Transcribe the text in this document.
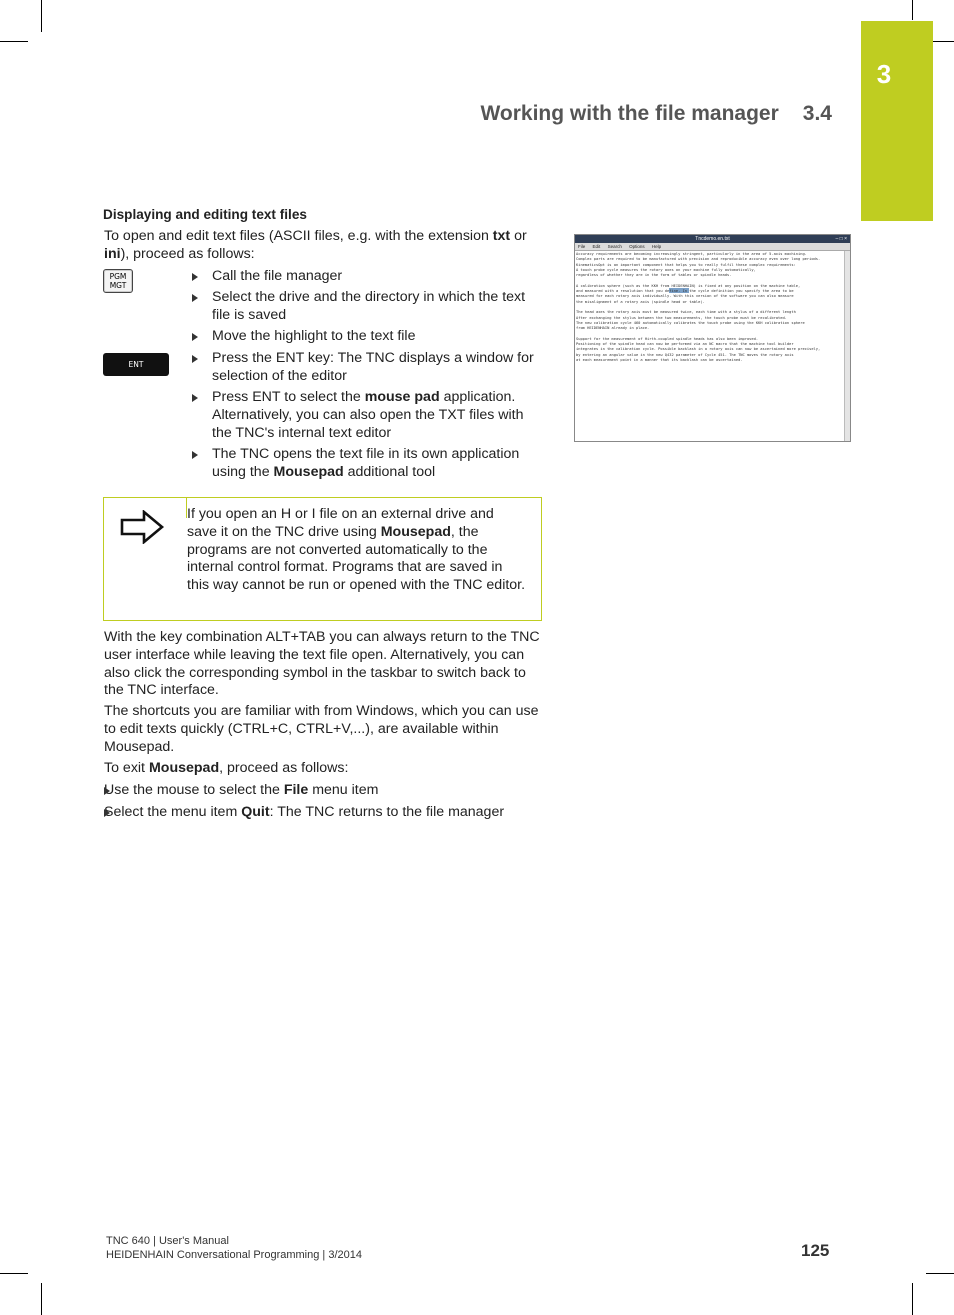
3
Working with the file manager 3.4
Displaying and editing text files
To open and edit text files (ASCII files, e.g. with the extension txt or ini), proceed as follows:
PGM
MGT
ENT
Call the file manager
Select the drive and the directory in which the text file is saved
Move the highlight to the text file
Press the ENT key: The TNC displays a window for selection of the editor
Press ENT to select the mouse pad application. Alternatively, you can also open the TXT files with the TNC's internal text editor
The TNC opens the text file in its own application using the Mousepad additional tool
If you open an H or I file on an external drive and save it on the TNC drive using Mousepad, the programs are not converted automatically to the internal control format. Programs that are saved in this way cannot be run or opened with the TNC editor.
With the key combination ALT+TAB you can always return to the TNC user interface while leaving the text file open. Alternatively, you can also click the corresponding symbol in the taskbar to switch back to the TNC interface.
The shortcuts you are familiar with from Windows, which you can use to edit texts quickly (CTRL+C, CTRL+V,...), are available within Mousepad.
To exit Mousepad, proceed as follows:
Use the mouse to select the File menu item
Select the menu item Quit: The TNC returns to the file manager
Tncdemo.en.txt	– □ ×
File Edit Search Options Help
Accuracy requirements are becoming increasingly stringent, particularly in the area of 5-axis machining.
Complex parts are required to be manufactured with precision and reproducible accuracy even over long periods.
KinematicsOpt is an important component that helps you to really fulfil these complex requirements:
A touch probe cycle measures the rotary axes on your machine fully automatically,
regardless of whether they are in the form of tables or spindle heads.

A calibration sphere (such as the KKH from HEIDENHAIN) is fixed at any position on the machine table,
and measured with a resolution that you define. In the cycle definition you specify the area to be
measured for each rotary axis individually. With this version of the software you can also measure
the misalignment of a rotary axis (spindle head or table).

The head axes the rotary axis must be measured twice, each time with a stylus of a different length
After exchanging the stylus between the two measurements, the touch probe must be recalibrated.
The new calibration cycle 460 automatically calibrates the touch probe using the KKH calibration sphere
from HEIDENHAIN already in place.

Support for the measurement of Hirth-coupled spindle heads has also been improved.
Positioning of the spindle head can now be performed via an NC macro that the machine tool builder
integrates in the calibration cycle. Possible backlash in a rotary axis can now be ascertained more precisely,
by entering an angular value in the new Q432 parameter of Cycle 451. The TNC moves the rotary axis
at each measurement point in a manner that its backlash can be ascertained.
TNC 640 | User's Manual
HEIDENHAIN Conversational Programming | 3/2014	125
